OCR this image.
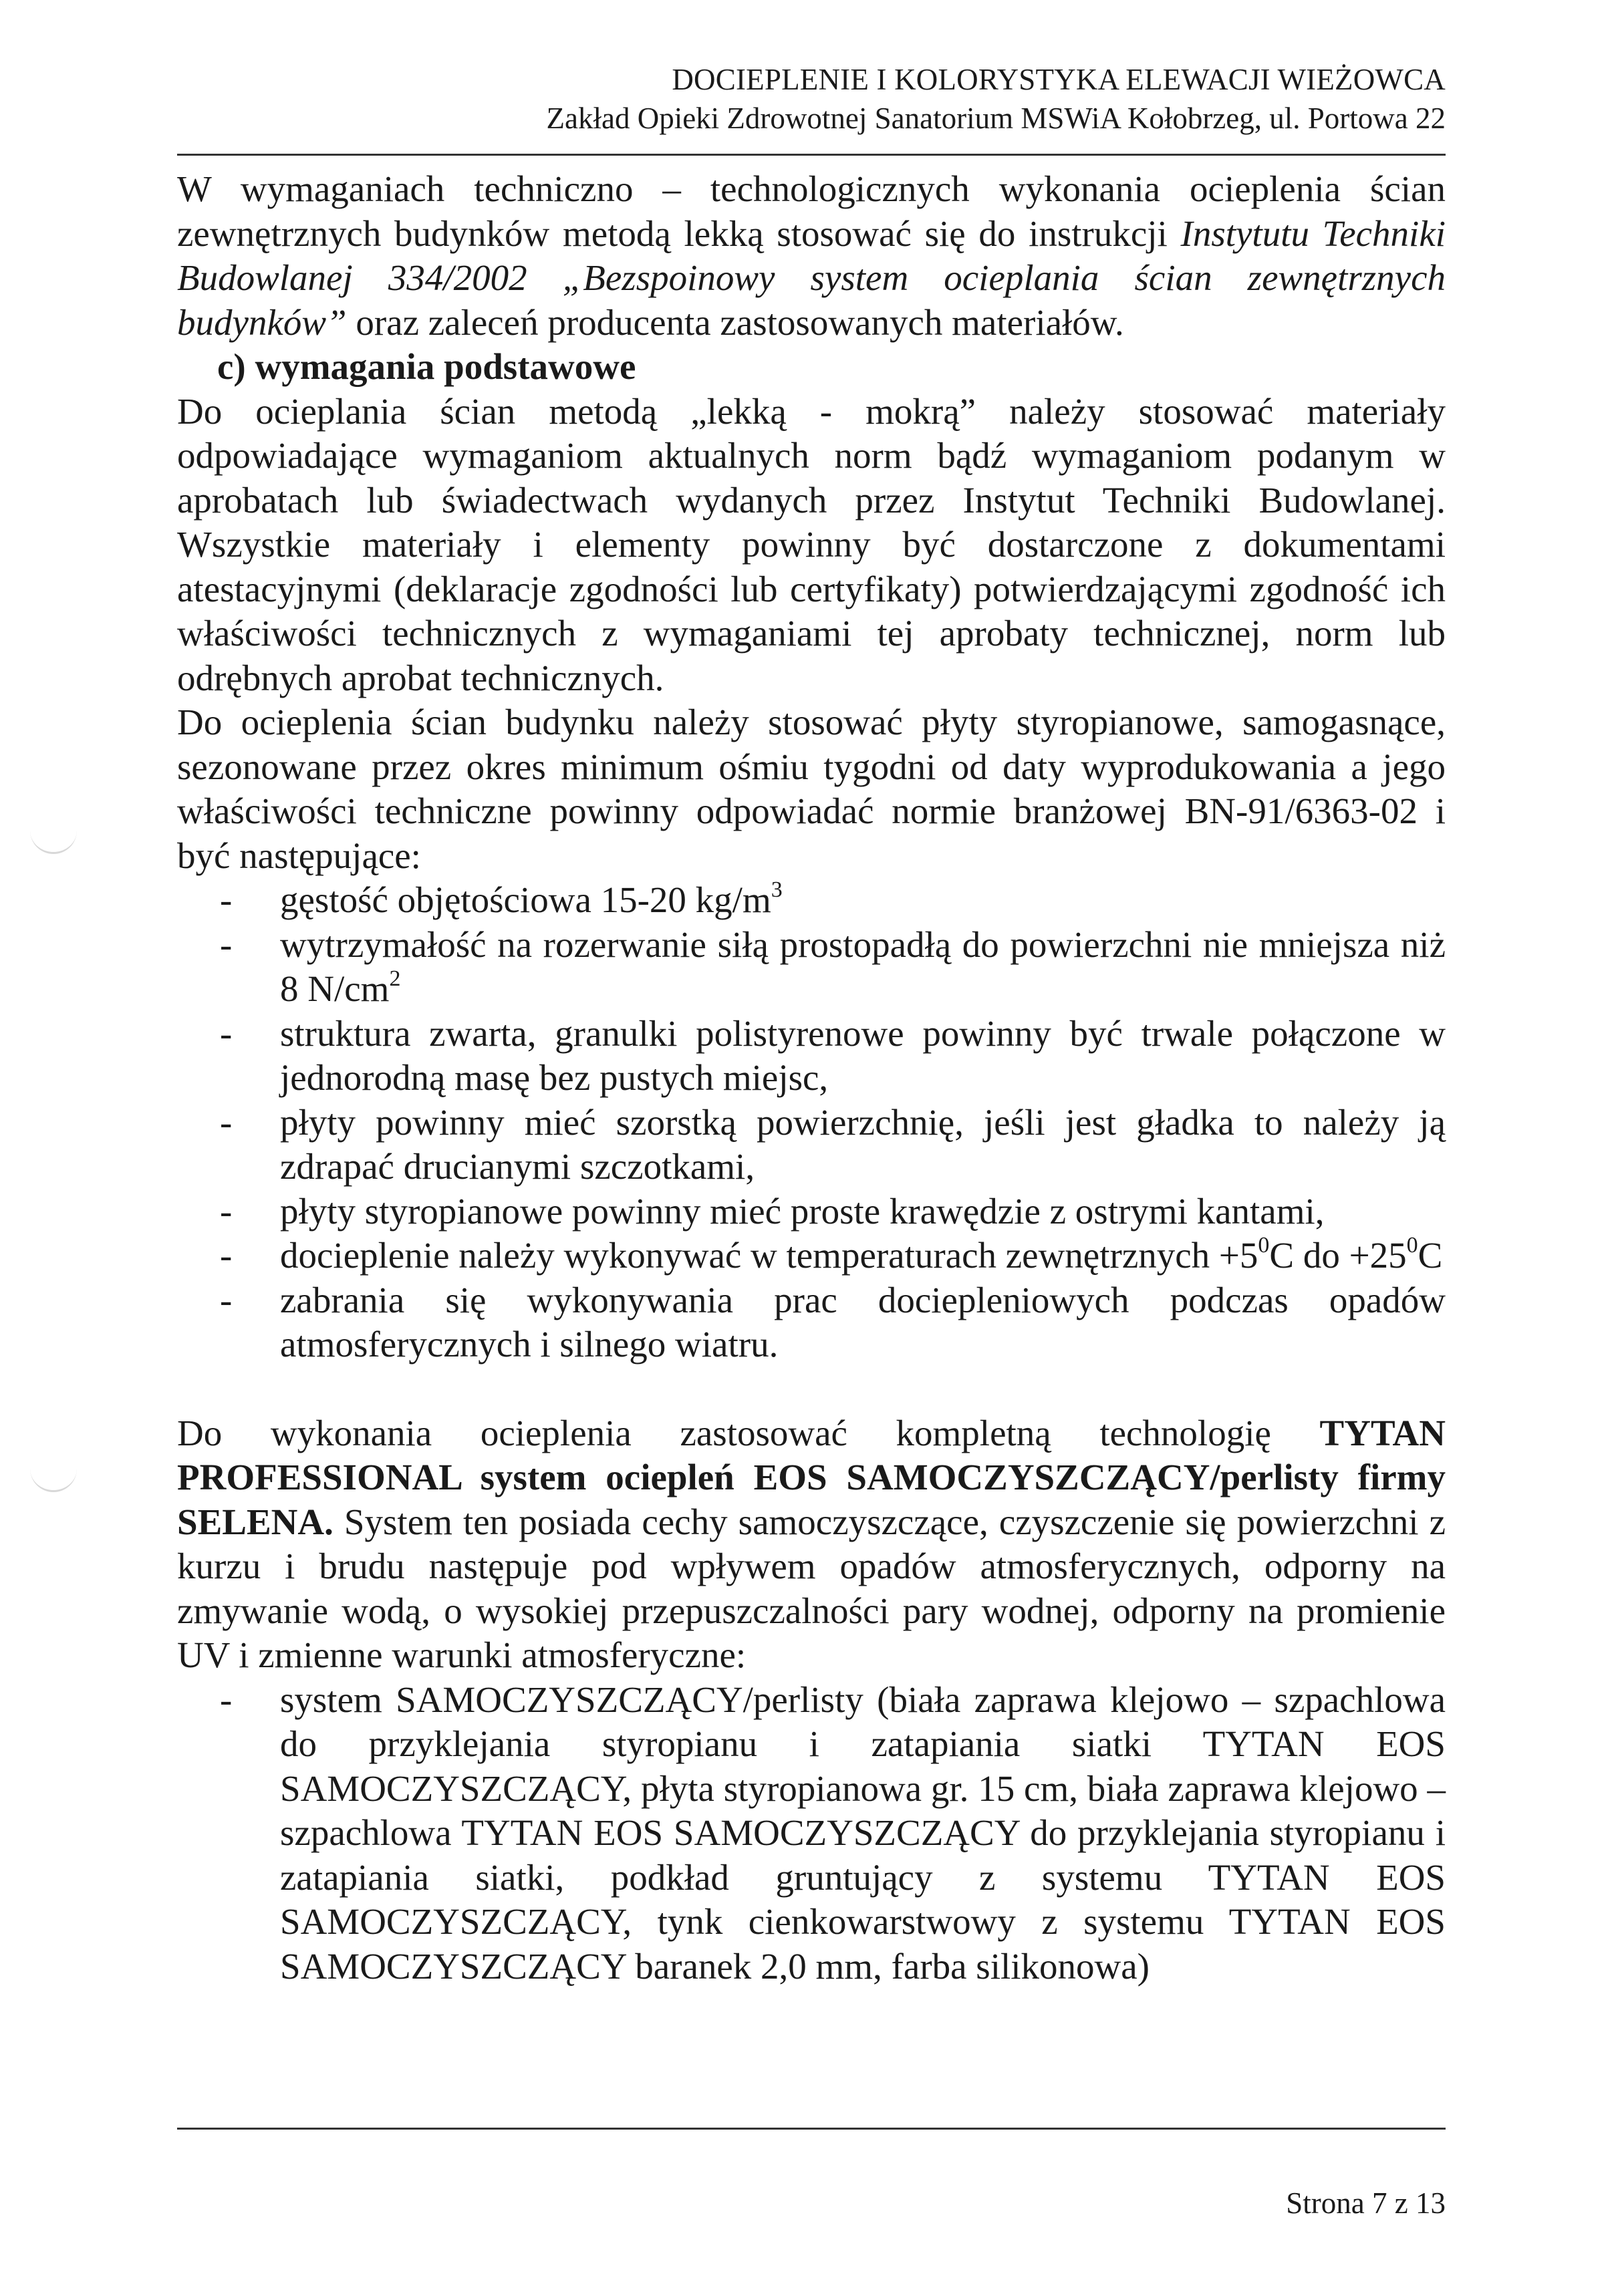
DOCIEPLENIE I KOLORYSTYKA ELEWACJI WIEŻOWCA
Zakład Opieki Zdrowotnej Sanatorium MSWiA Kołobrzeg, ul. Portowa 22

W wymaganiach techniczno – technologicznych wykonania ocieplenia ścian zewnętrznych budynków metodą lekką stosować się do instrukcji Instytutu Techniki Budowlanej 334/2002 „Bezspoinowy system ocieplania ścian zewnętrznych budynków” oraz zaleceń producenta zastosowanych materiałów.

c) wymagania podstawowe

Do ocieplania ścian metodą „lekką - mokrą” należy stosować materiały odpowiadające wymaganiom aktualnych norm bądź wymaganiom podanym w aprobatach lub świadectwach wydanych przez Instytut Techniki Budowlanej. Wszystkie materiały i elementy powinny być dostarczone z dokumentami atestacyjnymi (deklaracje zgodności lub certyfikaty) potwierdzającymi zgodność ich właściwości technicznych z wymaganiami tej aprobaty technicznej, norm lub odrębnych aprobat technicznych.

Do ocieplenia ścian budynku należy stosować płyty styropianowe, samogasnące, sezonowane przez okres minimum ośmiu tygodni od daty wyprodukowania a jego właściwości techniczne powinny odpowiadać normie branżowej BN-91/6363-02 i być następujące:

- gęstość objętościowa 15-20 $kg/m^3$
- wytrzymałość na rozerwanie siłą prostopadłą do powierzchni nie mniejsza niż 8 $N/cm^2$
- struktura zwarta, granulki polistyrenowe powinny być trwale połączone w jednorodną masę bez pustych miejsc,
- płyty powinny mieć szorstką powierzchnię, jeśli jest gładka to należy ją zdrapać drucianymi szczotkami,
- płyty styropianowe powinny mieć proste krawędzie z ostrymi kantami,
- docieplenie należy wykonywać w temperaturach zewnętrznych $+5^0C$ do $+25^0C$
- zabrania się wykonywania prac dociepleniowych podczas opadów atmosferycznych i silnego wiatru.

Do wykonania ocieplenia zastosować kompletną technologię TYTAN PROFESSIONAL system ociepleń EOS SAMOCZYSZCZĄCY/perlisty firmy SELENA. System ten posiada cechy samoczyszczące, czyszczenie się powierzchni z kurzu i brudu następuje pod wpływem opadów atmosferycznych, odporny na zmywanie wodą, o wysokiej przepuszczalności pary wodnej, odporny na promienie UV i zmienne warunki atmosferyczne:

- system SAMOCZYSZCZĄCY/perlisty (biała zaprawa klejowo – szpachlowa do przyklejania styropianu i zatapiania siatki TYTAN EOS SAMOCZYSZCZĄCY, płyta styropianowa gr. 15 cm, biała zaprawa klejowo – szpachlowa TYTAN EOS SAMOCZYSZCZĄCY do przyklejania styropianu i zatapiania siatki, podkład gruntujący z systemu TYTAN EOS SAMOCZYSZCZĄCY, tynk cienkowarstwowy z systemu TYTAN EOS SAMOCZYSZCZĄCY baranek 2,0 mm, farba silikonowa)
Strona 7 z 13
